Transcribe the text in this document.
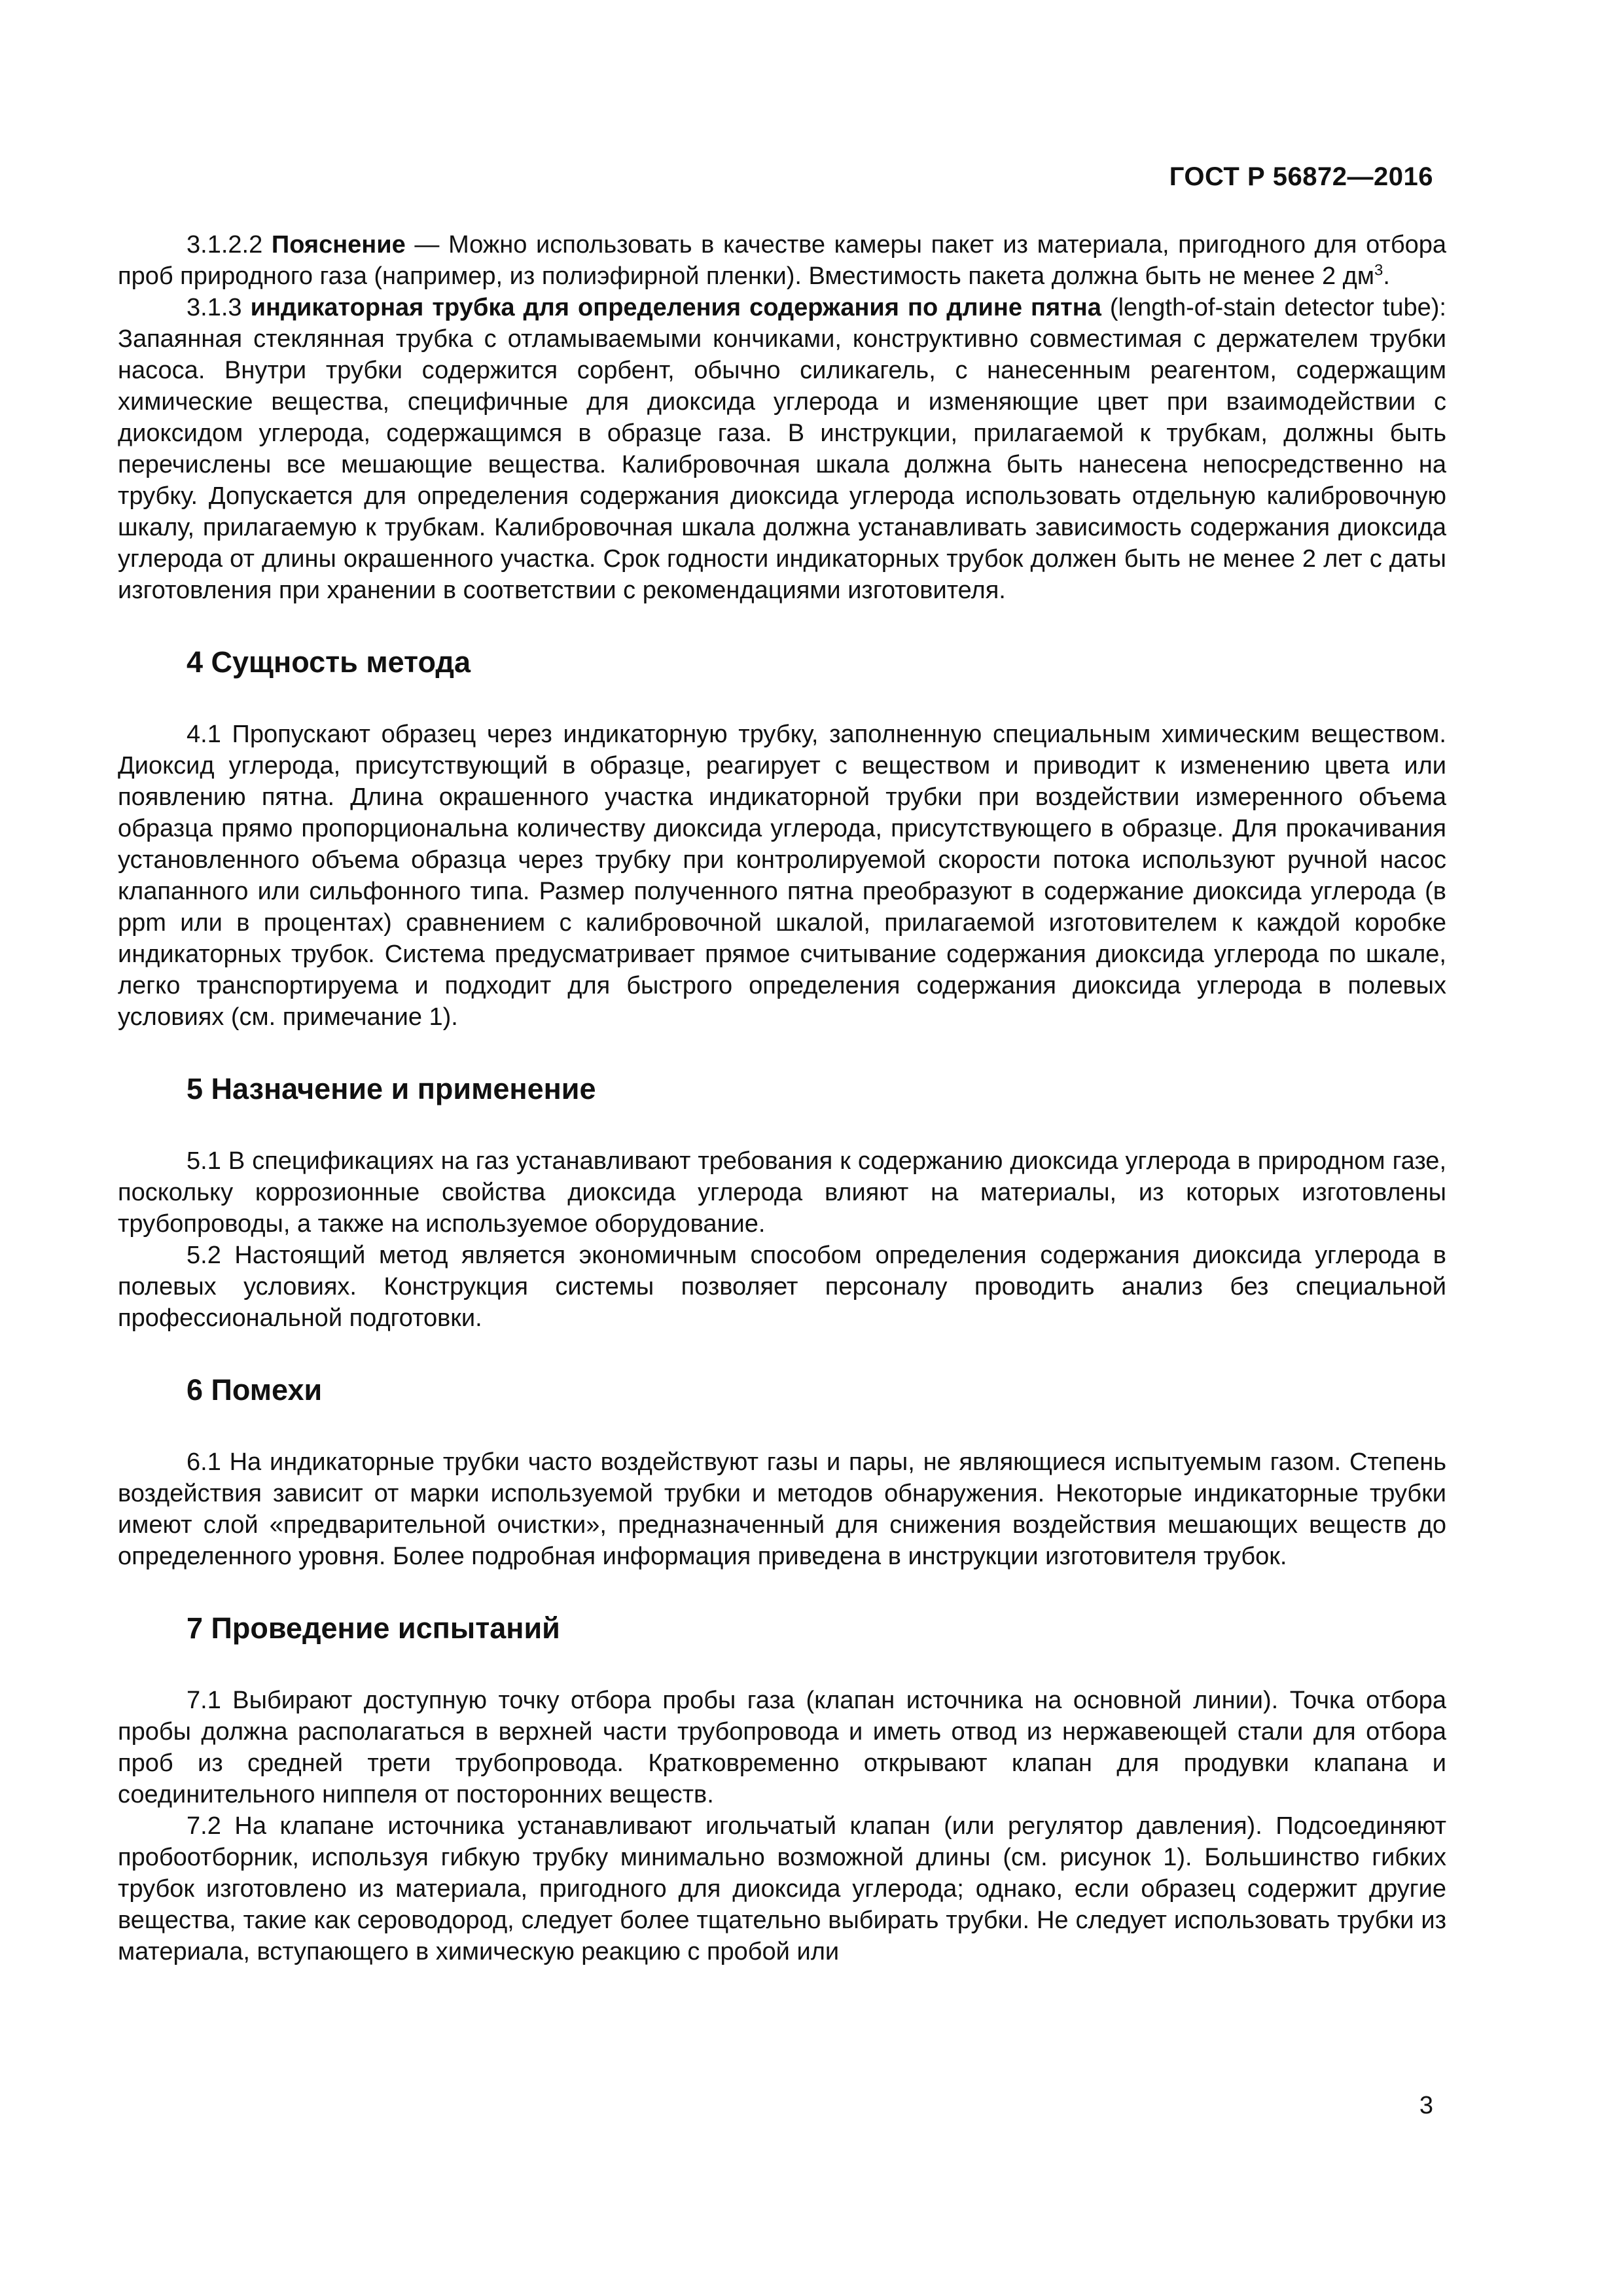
ГОСТ Р 56872—2016

3.1.2.2 Пояснение — Можно использовать в качестве камеры пакет из материала, пригодного для отбора проб природного газа (например, из полиэфирной пленки). Вместимость пакета должна быть не менее 2 $дм^3$.

3.1.3 индикаторная трубка для определения содержания по длине пятна (length-of-stain detector tube): Запаянная стеклянная трубка с отламываемыми кончиками, конструктивно совместимая с держателем трубки насоса. Внутри трубки содержится сорбент, обычно силикагель, с нанесенным реагентом, содержащим химические вещества, специфичные для диоксида углерода и изменяющие цвет при взаимодействии с диоксидом углерода, содержащимся в образце газа. В инструкции, прилагаемой к трубкам, должны быть перечислены все мешающие вещества. Калибровочная шкала должна быть нанесена непосредственно на трубку. Допускается для определения содержания диоксида углерода использовать отдельную калибровочную шкалу, прилагаемую к трубкам. Калибровочная шкала должна устанавливать зависимость содержания диоксида углерода от длины окрашенного участка. Срок годности индикаторных трубок должен быть не менее 2 лет с даты изготовления при хранении в соответствии с рекомендациями изготовителя.

4 Сущность метода

4.1 Пропускают образец через индикаторную трубку, заполненную специальным химическим веществом. Диоксид углерода, присутствующий в образце, реагирует с веществом и приводит к изменению цвета или появлению пятна. Длина окрашенного участка индикаторной трубки при воздействии измеренного объема образца прямо пропорциональна количеству диоксида углерода, присутствующего в образце. Для прокачивания установленного объема образца через трубку при контролируемой скорости потока используют ручной насос клапанного или сильфонного типа. Размер полученного пятна преобразуют в содержание диоксида углерода (в ppm или в процентах) сравнением с калибровочной шкалой, прилагаемой изготовителем к каждой коробке индикаторных трубок. Система предусматривает прямое считывание содержания диоксида углерода по шкале, легко транспортируема и подходит для быстрого определения содержания диоксида углерода в полевых условиях (см. примечание 1).

5 Назначение и применение

5.1 В спецификациях на газ устанавливают требования к содержанию диоксида углерода в природном газе, поскольку коррозионные свойства диоксида углерода влияют на материалы, из которых изготовлены трубопроводы, а также на используемое оборудование.

5.2 Настоящий метод является экономичным способом определения содержания диоксида углерода в полевых условиях. Конструкция системы позволяет персоналу проводить анализ без специальной профессиональной подготовки.

6 Помехи

6.1 На индикаторные трубки часто воздействуют газы и пары, не являющиеся испытуемым газом. Степень воздействия зависит от марки используемой трубки и методов обнаружения. Некоторые индикаторные трубки имеют слой «предварительной очистки», предназначенный для снижения воздействия мешающих веществ до определенного уровня. Более подробная информация приведена в инструкции изготовителя трубок.

7 Проведение испытаний

7.1 Выбирают доступную точку отбора пробы газа (клапан источника на основной линии). Точка отбора пробы должна располагаться в верхней части трубопровода и иметь отвод из нержавеющей стали для отбора проб из средней трети трубопровода. Кратковременно открывают клапан для продувки клапана и соединительного ниппеля от посторонних веществ.

7.2 На клапане источника устанавливают игольчатый клапан (или регулятор давления). Подсоединяют пробоотборник, используя гибкую трубку минимально возможной длины (см. рисунок 1). Большинство гибких трубок изготовлено из материала, пригодного для диоксида углерода; однако, если образец содержит другие вещества, такие как сероводород, следует более тщательно выбирать трубки. Не следует использовать трубки из материала, вступающего в химическую реакцию с пробой или

3
